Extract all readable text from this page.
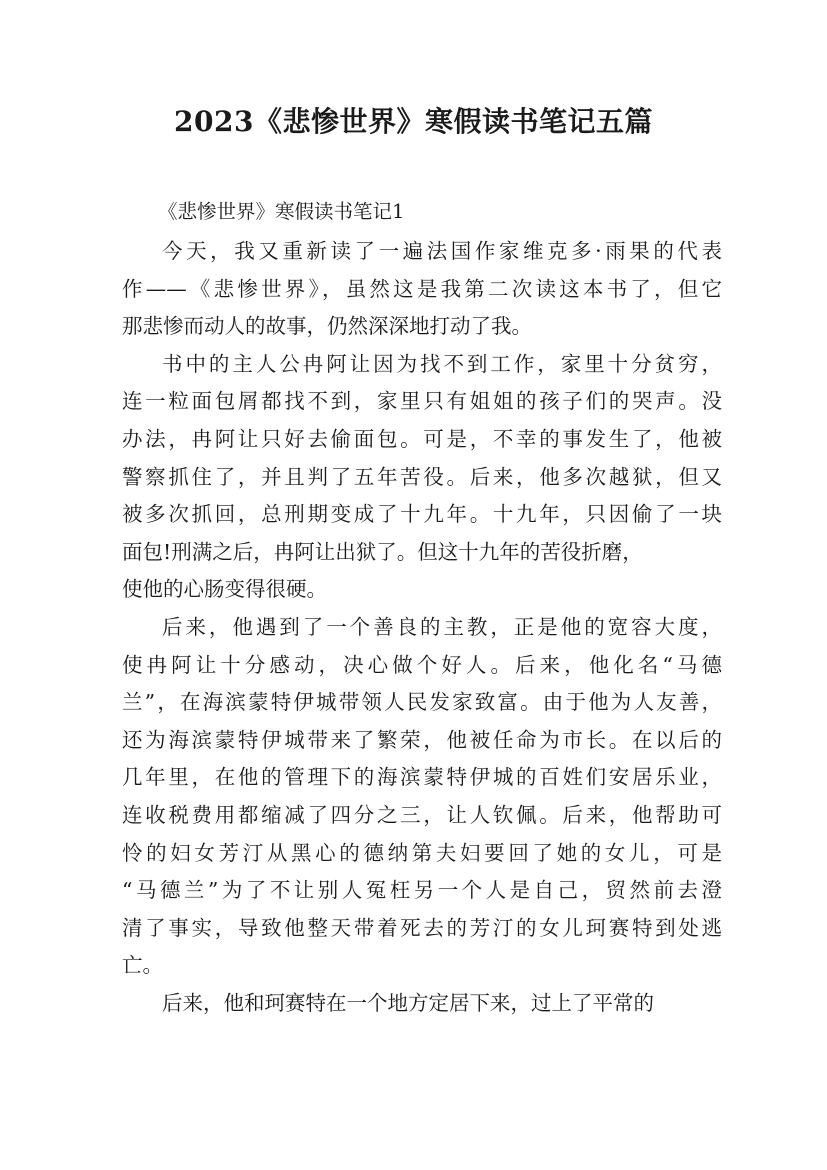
2023《悲惨世界》寒假读书笔记五篇
《悲惨世界》寒假读书笔记1
今天，我又重新读了一遍法国作家维克多·雨果的代表
作——《悲惨世界》，虽然这是我第二次读这本书了，但它
那悲惨而动人的故事，仍然深深地打动了我。
书中的主人公冉阿让因为找不到工作，家里十分贫穷，
连一粒面包屑都找不到，家里只有姐姐的孩子们的哭声。没
办法，冉阿让只好去偷面包。可是，不幸的事发生了，他被
警察抓住了，并且判了五年苦役。后来，他多次越狱，但又
被多次抓回，总刑期变成了十九年。十九年，只因偷了一块
面包!刑满之后，冉阿让出狱了。但这十九年的苦役折磨，
使他的心肠变得很硬。
后来，他遇到了一个善良的主教，正是他的宽容大度，
使冉阿让十分感动，决心做个好人。后来，他化名“马德
兰”，在海滨蒙特伊城带领人民发家致富。由于他为人友善，
还为海滨蒙特伊城带来了繁荣，他被任命为市长。在以后的
几年里，在他的管理下的海滨蒙特伊城的百姓们安居乐业，
连收税费用都缩减了四分之三，让人钦佩。后来，他帮助可
怜的妇女芳汀从黑心的德纳第夫妇要回了她的女儿，可是
“马德兰”为了不让别人冤枉另一个人是自己，贸然前去澄
清了事实，导致他整天带着死去的芳汀的女儿珂赛特到处逃
亡。
后来，他和珂赛特在一个地方定居下来，过上了平常的
